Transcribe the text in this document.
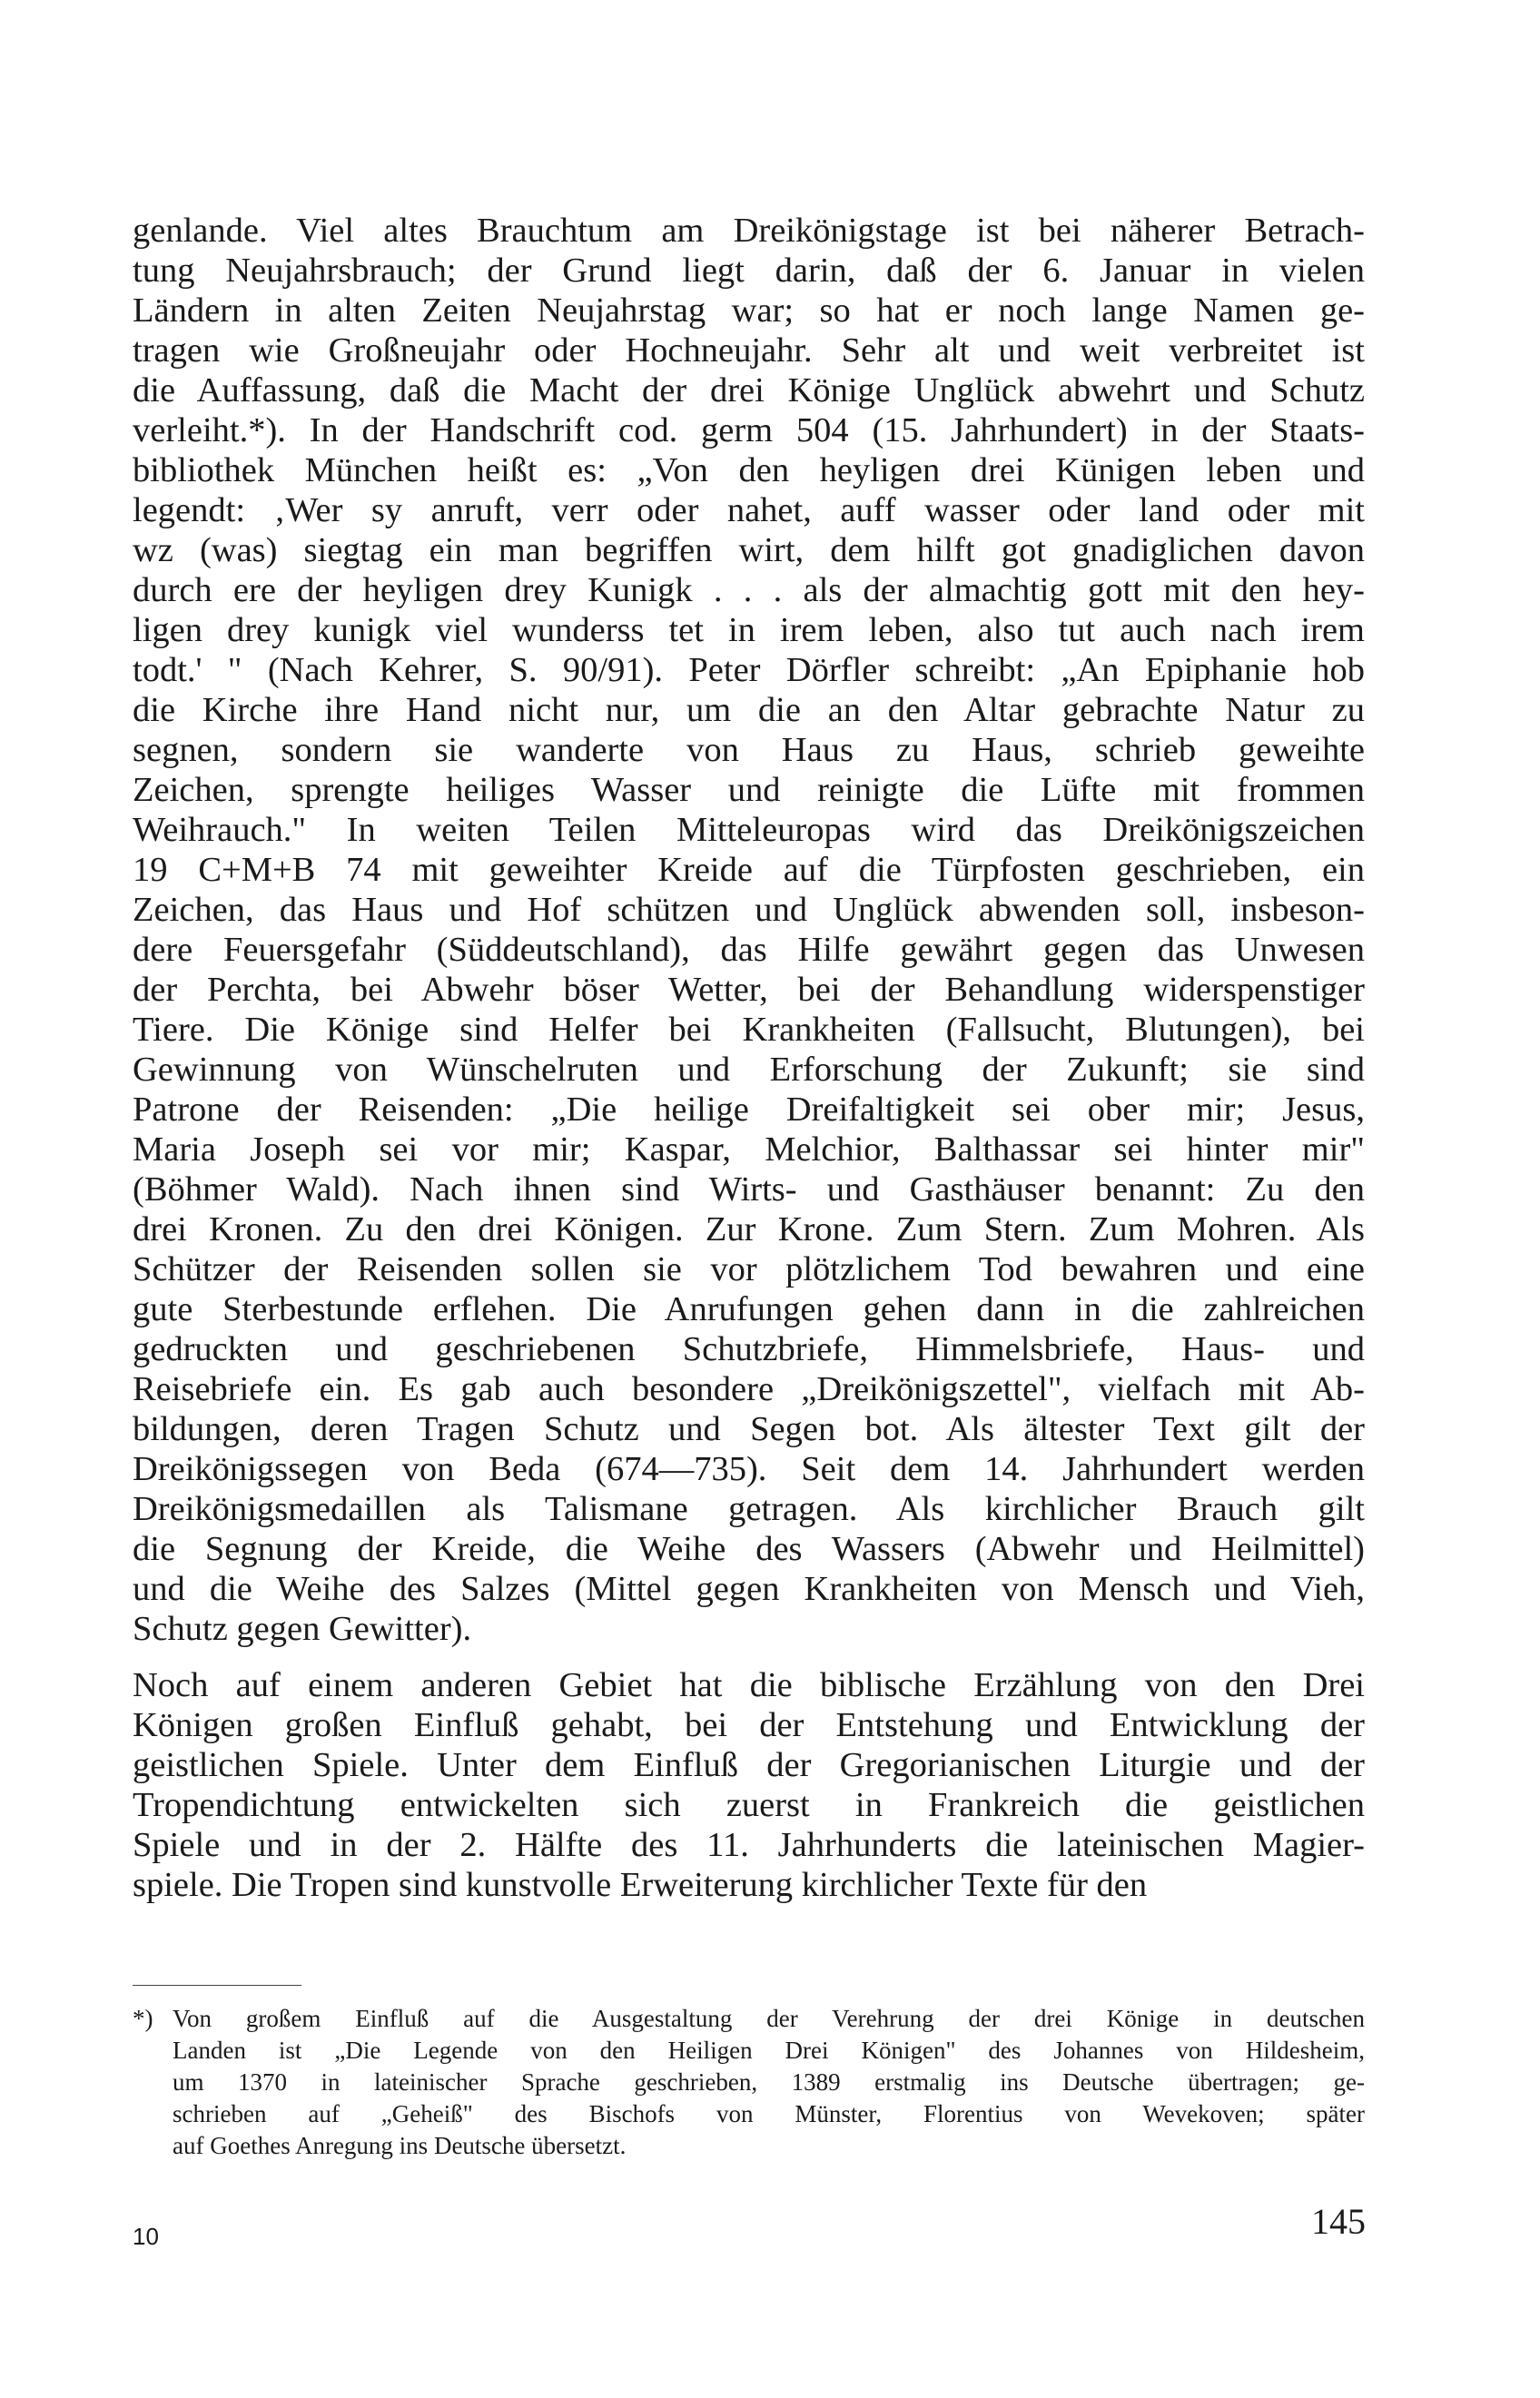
genlande. Viel altes Brauchtum am Dreikönigstage ist bei näherer Betrach-
tung Neujahrsbrauch; der Grund liegt darin, daß der 6. Januar in vielen
Ländern in alten Zeiten Neujahrstag war; so hat er noch lange Namen ge-
tragen wie Großneujahr oder Hochneujahr. Sehr alt und weit verbreitet ist
die Auffassung, daß die Macht der drei Könige Unglück abwehrt und Schutz
verleiht.*). In der Handschrift cod. germ 504 (15. Jahrhundert) in der Staats-
bibliothek München heißt es: „Von den heyligen drei Künigen leben und
legendt: ‚Wer sy anruft, verr oder nahet, auff wasser oder land oder mit
wz (was) siegtag ein man begriffen wirt, dem hilft got gnadiglichen davon
durch ere der heyligen drey Kunigk . . . als der almachtig gott mit den hey-
ligen drey kunigk viel wunderss tet in irem leben, also tut auch nach irem
todt.' " (Nach Kehrer, S. 90/91). Peter Dörfler schreibt: „An Epiphanie hob
die Kirche ihre Hand nicht nur, um die an den Altar gebrachte Natur zu
segnen, sondern sie wanderte von Haus zu Haus, schrieb geweihte
Zeichen, sprengte heiliges Wasser und reinigte die Lüfte mit frommen
Weihrauch." In weiten Teilen Mitteleuropas wird das Dreikönigszeichen
19 C+M+B 74 mit geweihter Kreide auf die Türpfosten geschrieben, ein
Zeichen, das Haus und Hof schützen und Unglück abwenden soll, insbeson-
dere Feuersgefahr (Süddeutschland), das Hilfe gewährt gegen das Unwesen
der Perchta, bei Abwehr böser Wetter, bei der Behandlung widerspenstiger
Tiere. Die Könige sind Helfer bei Krankheiten (Fallsucht, Blutungen), bei
Gewinnung von Wünschelruten und Erforschung der Zukunft; sie sind
Patrone der Reisenden: „Die heilige Dreifaltigkeit sei ober mir; Jesus,
Maria Joseph sei vor mir; Kaspar, Melchior, Balthassar sei hinter mir"
(Böhmer Wald). Nach ihnen sind Wirts- und Gasthäuser benannt: Zu den
drei Kronen. Zu den drei Königen. Zur Krone. Zum Stern. Zum Mohren. Als
Schützer der Reisenden sollen sie vor plötzlichem Tod bewahren und eine
gute Sterbestunde erflehen. Die Anrufungen gehen dann in die zahlreichen
gedruckten und geschriebenen Schutzbriefe, Himmelsbriefe, Haus- und
Reisebriefe ein. Es gab auch besondere „Dreikönigszettel", vielfach mit Ab-
bildungen, deren Tragen Schutz und Segen bot. Als ältester Text gilt der
Dreikönigssegen von Beda (674—735). Seit dem 14. Jahrhundert werden
Dreikönigsmedaillen als Talismane getragen. Als kirchlicher Brauch gilt
die Segnung der Kreide, die Weihe des Wassers (Abwehr und Heilmittel)
und die Weihe des Salzes (Mittel gegen Krankheiten von Mensch und Vieh,
Schutz gegen Gewitter).
Noch auf einem anderen Gebiet hat die biblische Erzählung von den Drei
Königen großen Einfluß gehabt, bei der Entstehung und Entwicklung der
geistlichen Spiele. Unter dem Einfluß der Gregorianischen Liturgie und der
Tropendichtung entwickelten sich zuerst in Frankreich die geistlichen
Spiele und in der 2. Hälfte des 11. Jahrhunderts die lateinischen Magier-
spiele. Die Tropen sind kunstvolle Erweiterung kirchlicher Texte für den
*) Von großem Einfluß auf die Ausgestaltung der Verehrung der drei Könige in deutschen
Landen ist „Die Legende von den Heiligen Drei Königen" des Johannes von Hildesheim,
um 1370 in lateinischer Sprache geschrieben, 1389 erstmalig ins Deutsche übertragen; ge-
schrieben auf „Geheiß" des Bischofs von Münster, Florentius von Wevekoven; später
auf Goethes Anregung ins Deutsche übersetzt.
10	145
